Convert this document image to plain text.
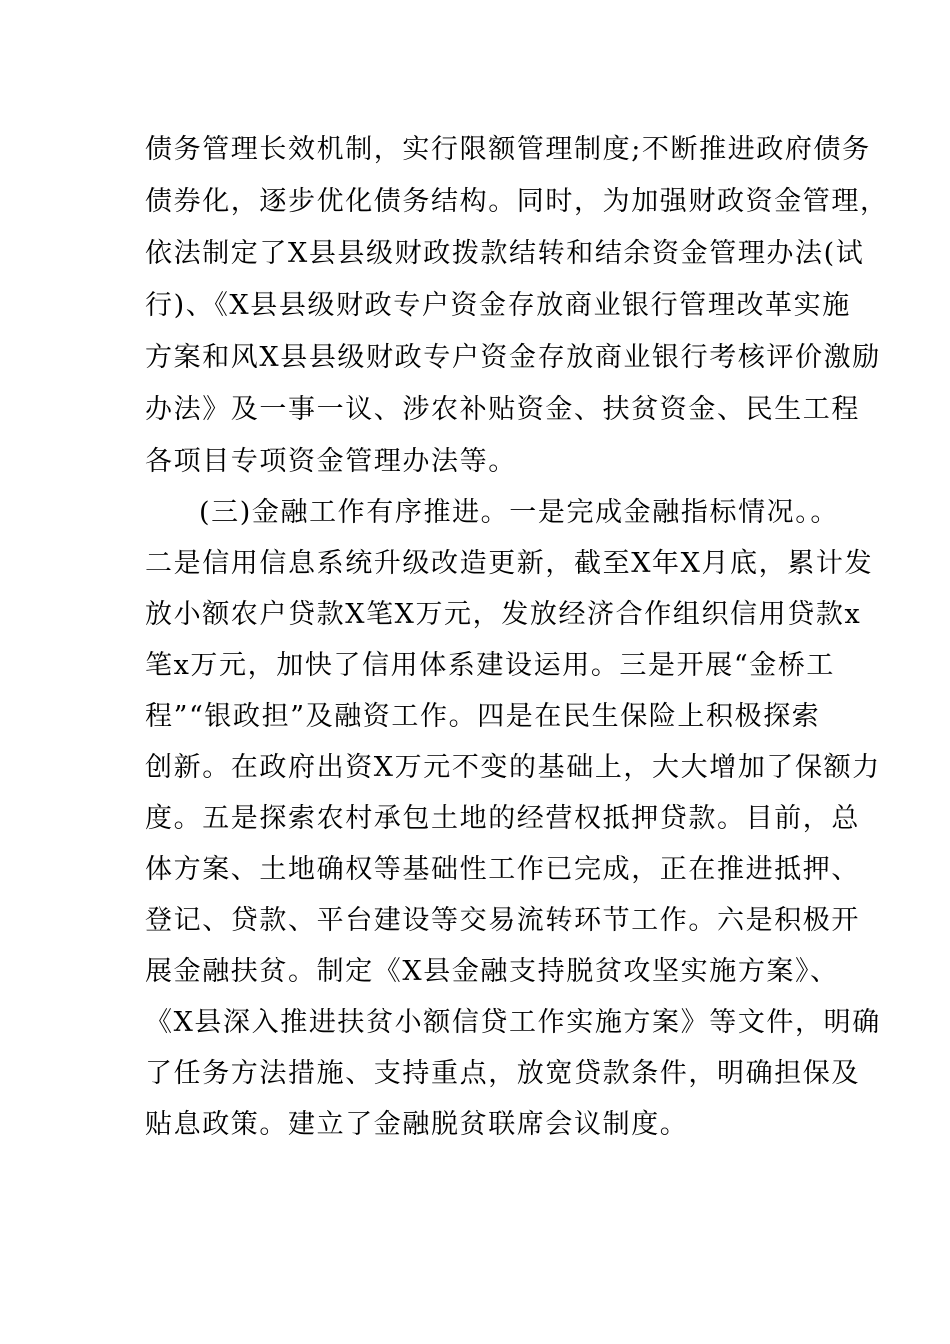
债务管理长效机制，实行限额管理制度;不断推进政府债务
债券化，逐步优化债务结构。同时，为加强财政资金管理，
依法制定了X县县级财政拨款结转和结余资金管理办法(试
行)、《X县县级财政专户资金存放商业银行管理改革实施
方案和风X县县级财政专户资金存放商业银行考核评价激励
办法》及一事一议、涉农补贴资金、扶贫资金、民生工程
各项目专项资金管理办法等。
(三)金融工作有序推进。一是完成金融指标情况。。
二是信用信息系统升级改造更新，截至X年X月底，累计发
放小额农户贷款X笔X万元，发放经济合作组织信用贷款x
笔x万元，加快了信用体系建设运用。三是开展“金桥工
程”“银政担”及融资工作。四是在民生保险上积极探索
创新。在政府出资X万元不变的基础上，大大增加了保额力
度。五是探索农村承包土地的经营权抵押贷款。目前，总
体方案、土地确权等基础性工作已完成，正在推进抵押、
登记、贷款、平台建设等交易流转环节工作。六是积极开
展金融扶贫。制定《X县金融支持脱贫攻坚实施方案》、
《X县深入推进扶贫小额信贷工作实施方案》等文件，明确
了任务方法措施、支持重点，放宽贷款条件，明确担保及
贴息政策。建立了金融脱贫联席会议制度。
